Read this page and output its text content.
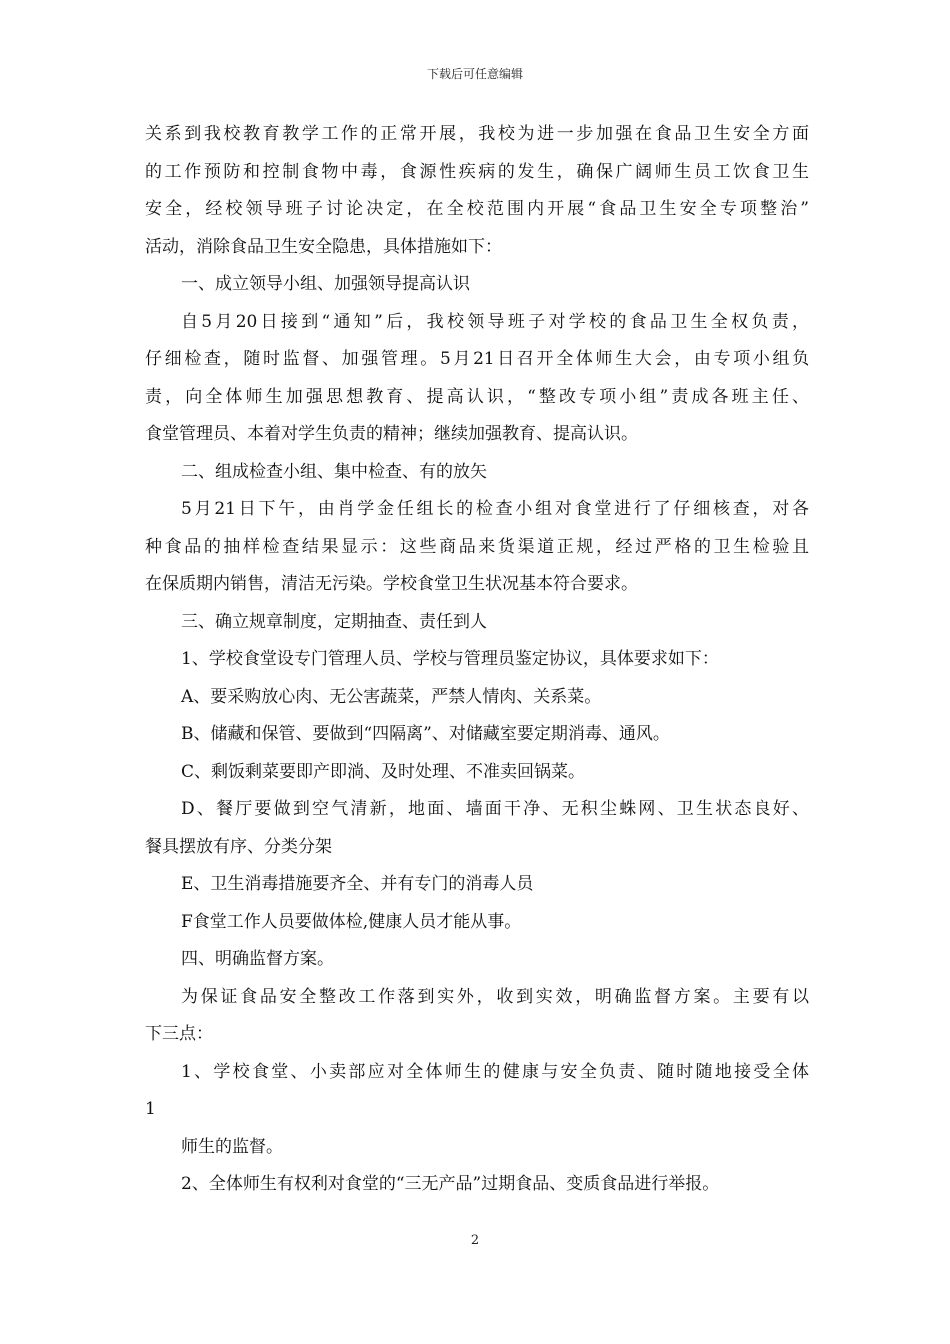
下载后可任意编辑
关系到我校教育教学工作的正常开展，我校为进一步加强在食品卫生安全方面
的工作预防和控制食物中毒，食源性疾病的发生，确保广阔师生员工饮食卫生
安全，经校领导班子讨论决定，在全校范围内开展“食品卫生安全专项整治”
活动，消除食品卫生安全隐患，具体措施如下：
一、成立领导小组、加强领导提高认识
自5月20日接到“通知”后，我校领导班子对学校的食品卫生全权负责，
仔细检查，随时监督、加强管理。5月21日召开全体师生大会，由专项小组负
责，向全体师生加强思想教育、提高认识，“整改专项小组”责成各班主任、
食堂管理员、本着对学生负责的精神；继续加强教育、提高认识。
二、组成检查小组、集中检查、有的放矢
5月21日下午，由肖学金任组长的检查小组对食堂进行了仔细核查，对各
种食品的抽样检查结果显示：这些商品来货渠道正规，经过严格的卫生检验且
在保质期内销售，清洁无污染。学校食堂卫生状况基本符合要求。
三、确立规章制度，定期抽查、责任到人
1、学校食堂设专门管理人员、学校与管理员鉴定协议，具体要求如下：
A、要采购放心肉、无公害蔬菜，严禁人情肉、关系菜。
B、储藏和保管、要做到“四隔离”、对储藏室要定期消毒、通风。
C、剩饭剩菜要即产即淌、及时处理、不准卖回锅菜。
D、餐厅要做到空气清新，地面、墙面干净、无积尘蛛网、卫生状态良好、
餐具摆放有序、分类分架
E、卫生消毒措施要齐全、并有专门的消毒人员
F食堂工作人员要做体检,健康人员才能从事。
四、明确监督方案。
为保证食品安全整改工作落到实外，收到实效，明确监督方案。主要有以
下三点：
1、学校食堂、小卖部应对全体师生的健康与安全负责、随时随地接受全体
1
师生的监督。
2、全体师生有权利对食堂的“三无产品”过期食品、变质食品进行举报。
2
